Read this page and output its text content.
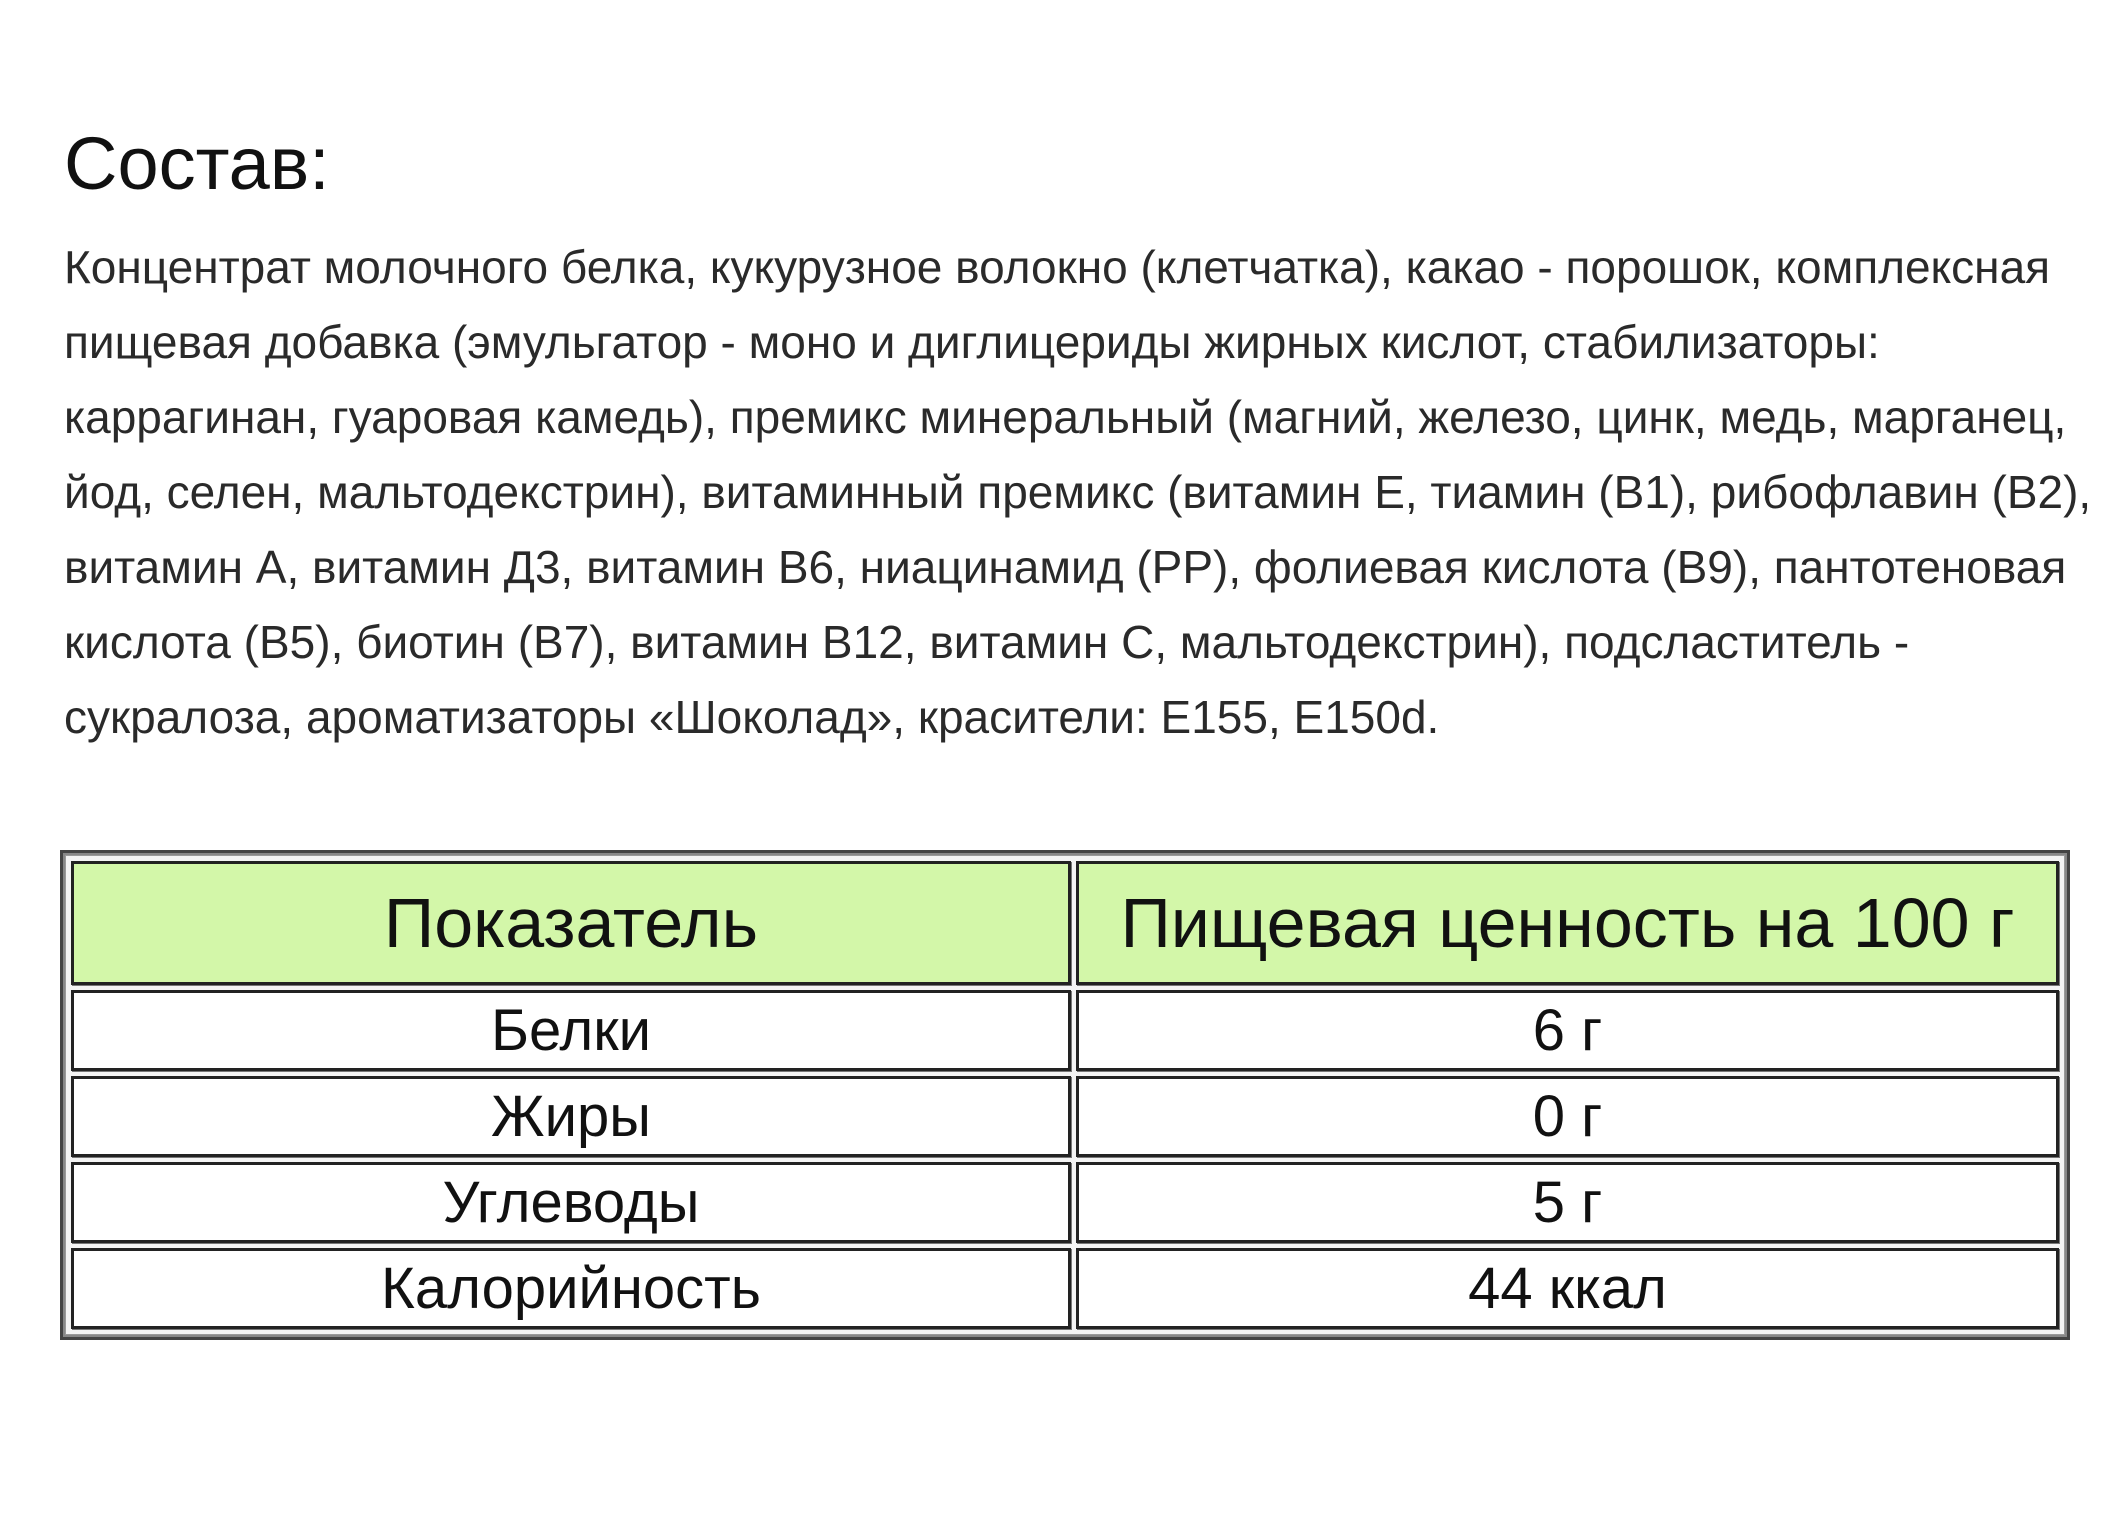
Состав:

Концентрат молочного белка, кукурузное волокно (клетчатка), какао - порошок, комплексная пищевая добавка (эмульгатор - моно и диглицериды жирных кислот, стабилизаторы: каррагинан, гуаровая камедь), премикс минеральный (магний, железо, цинк, медь, марганец, йод, селен, мальтодекстрин), витаминный премикс (витамин Е, тиамин (В1), рибофлавин (В2), витамин А, витамин Д3, витамин В6, ниацинамид (РР), фолиевая кислота (В9), пантотеновая кислота (В5), биотин (В7), витамин В12, витамин С, мальтодекстрин), подсластитель - сукралоза, ароматизаторы «Шоколад», красители: E155, E150d.

Показатель	Пищевая ценность на 100 г
Белки	6 г
Жиры	0 г
Углеводы	5 г
Калорийность	44 ккал
